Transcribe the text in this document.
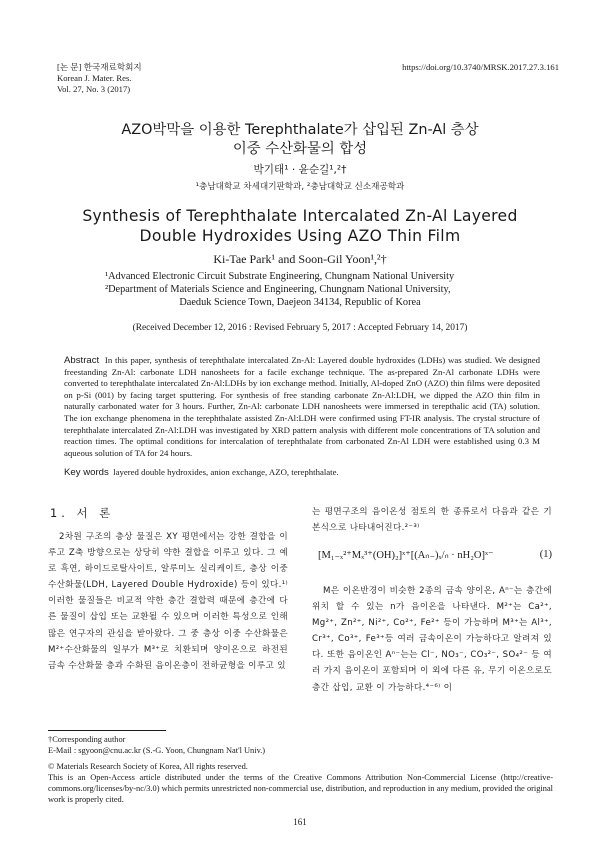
[논 문] 한국재료학회지
Korean J. Mater. Res.
Vol. 27, No. 3 (2017)
https://doi.org/10.3740/MRSK.2017.27.3.161
AZO박막을 이용한 Terephthalate가 삽입된 Zn-Al 층상
이중 수산화물의 합성
박기태¹ · 윤순길¹,²†
¹충남대학교 차세대기판학과, ²충남대학교 신소재공학과
Synthesis of Terephthalate Intercalated Zn-Al Layered
Double Hydroxides Using AZO Thin Film
Ki-Tae Park¹ and Soon-Gil Yoon¹,²†
¹Advanced Electronic Circuit Substrate Engineering, Chungnam National University
²Department of Materials Science and Engineering, Chungnam National University,
Daeduk Science Town, Daejeon 34134, Republic of Korea
(Received December 12, 2016 : Revised February 5, 2017 : Accepted February 14, 2017)
Abstract In this paper, synthesis of terephthalate intercalated Zn-Al: Layered double hydroxides (LDHs) was studied. We designed freestanding Zn-Al: carbonate LDH nanosheets for a facile exchange technique. The as-prepared Zn-Al carbonate LDHs were converted to terephthalate intercalated Zn-Al:LDHs by ion exchange method. Initially, Al-doped ZnO (AZO) thin films were deposited on p-Si (001) by facing target sputtering. For synthesis of free standing carbonate Zn-Al:LDH, we dipped the AZO thin film in naturally carbonated water for 3 hours. Further, Zn-Al: carbonate LDH nanosheets were immersed in terepthalic acid (TA) solution. The ion exchange phenomena in the terephthalate assisted Zn-Al:LDH were confirmed using FT-IR analysis. The crystal structure of terephthalate intercalated Zn-Al:LDH was investigated by XRD pattern analysis with different mole concentrations of TA solution and reaction times. The optimal conditions for intercalation of terephthalate from carbonated Zn-Al LDH were established using 0.3 M aqueous solution of TA for 24 hours.
Key words layered double hydroxides, anion exchange, AZO, terephthalate.
1. 서 론
2차원 구조의 층상 물질은 XY 평면에서는 강한 결합을 이루고 Z축 방향으로는 상당히 약한 결합을 이루고 있다. 그 예로 흑연, 하이드로탈사이트, 알루미노 실리케이트, 층상 이중 수산화물(LDH, Layered Double Hydroxide) 등이 있다.¹⁾ 이러한 물질들은 비교적 약한 층간 결합력 때문에 층간에 다른 물질이 삽입 또는 교환될 수 있으며 이러한 특성으로 인해 많은 연구자의 관심을 받아왔다. 그 중 층상 이중 수산화물은 M²⁺수산화물의 일부가 M³⁺로 치환되며 양이온으로 하전된 금속 수산화물 층과 수화된 음이온층이 전하균형을 이루고 있
는 평면구조의 음이온성 점토의 한 종류로서 다음과 같은 기본식으로 나타내어진다.²⁻³⁾
[M₁₋ₓ²⁺Mₓ³⁺(OH)₂]ˣ⁺[(Aₙ₋)ₓ/ₙ · nH₂O]ˣ⁻	(1)
M은 이온반경이 비슷한 2종의 금속 양이온, Aⁿ⁻는 층간에 위치 할 수 있는 n가 음이온을 나타낸다. M²⁺는 Ca²⁺, Mg²⁺, Zn²⁺, Ni²⁺, Co²⁺, Fe²⁺ 등이 가능하며 M³⁺는 Al³⁺, Cr³⁺, Co³⁺, Fe³⁺등 여러 금속이온이 가능하다고 알려져 있다. 또한 음이온인 Aⁿ⁻는는 Cl⁻, NO₃⁻, CO₃²⁻, SO₄²⁻ 등 여러 가지 음이온이 포함되며 이 외에 다른 유, 무기 이온으로도 층간 삽입, 교환 이 가능하다.⁴⁻⁶⁾ 이
†Corresponding author
E-Mail : sgyoon@cnu.ac.kr (S.-G. Yoon, Chungnam Nat'l Univ.)
© Materials Research Society of Korea, All rights reserved.
This is an Open-Access article distributed under the terms of the Creative Commons Attribution Non-Commercial License (http://creative-commons.org/licenses/by-nc/3.0) which permits unrestricted non-commercial use, distribution, and reproduction in any medium, provided the original work is properly cited.
161
